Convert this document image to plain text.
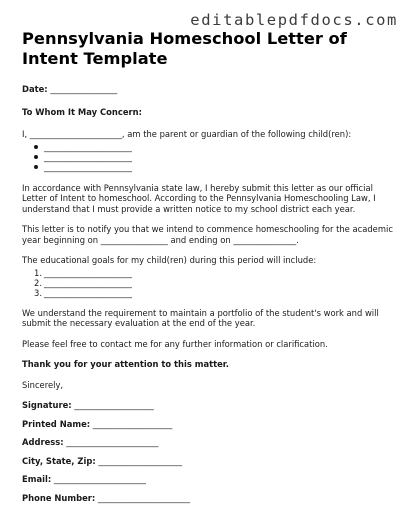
editablepdfdocs.com
Pennsylvania Homeschool Letter of Intent Template
Date: ________________
To Whom It May Concern:
I, ______________________, am the parent or guardian of the following child(ren):
_____________________
_____________________
_____________________
In accordance with Pennsylvania state law, I hereby submit this letter as our official Letter of Intent to homeschool. According to the Pennsylvania Homeschooling Law, I understand that I must provide a written notice to my school district each year.
This letter is to notify you that we intend to commence homeschooling for the academic year beginning on ________________ and ending on _______________.
The educational goals for my child(ren) during this period will include:
1. _____________________
2. _____________________
3. _____________________
We understand the requirement to maintain a portfolio of the student's work and will submit the necessary evaluation at the end of the year.
Please feel free to contact me for any further information or clarification.
Thank you for your attention to this matter.
Sincerely,
Signature: ___________________
Printed Name: ___________________
Address: ______________________
City, State, Zip: ____________________
Email: ______________________
Phone Number: ______________________
